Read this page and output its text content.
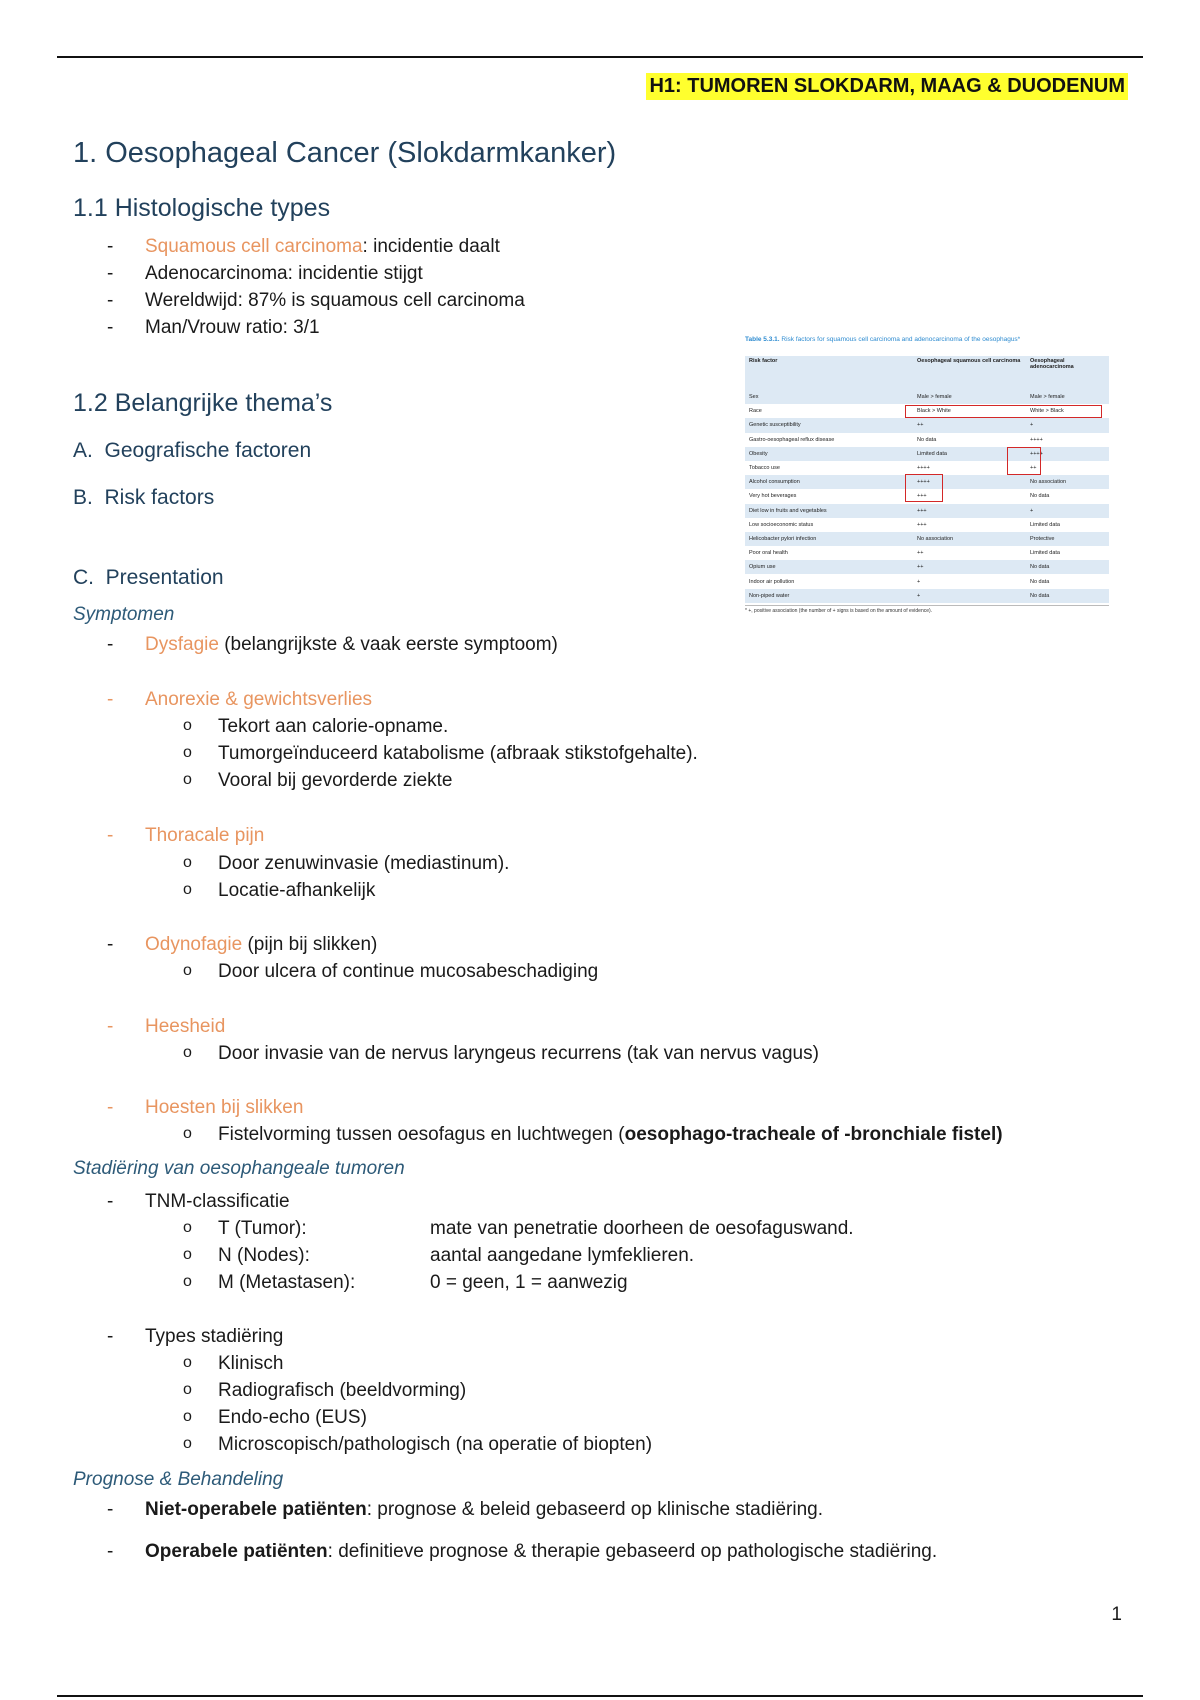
H1: TUMOREN SLOKDARM, MAAG & DUODENUM
1. Oesophageal Cancer (Slokdarmkanker)
1.1 Histologische types
-	Squamous cell carcinoma: incidentie daalt
-	Adenocarcinoma: incidentie stijgt
-	Wereldwijd: 87% is squamous cell carcinoma
-	Man/Vrouw ratio: 3/1
1.2 Belangrijke thema’s
A. Geografische factoren
B. Risk factors
C. Presentation
Symptomen
-	Dysfagie (belangrijkste & vaak eerste symptoom)
-	Anorexie & gewichtsverlies
o Tekort aan calorie-opname.
o Tumorgeïnduceerd katabolisme (afbraak stikstofgehalte).
o Vooral bij gevorderde ziekte
-	Thoracale pijn
o Door zenuwinvasie (mediastinum).
o Locatie-afhankelijk
-	Odynofagie (pijn bij slikken)
o Door ulcera of continue mucosabeschadiging
-	Heesheid
o Door invasie van de nervus laryngeus recurrens (tak van nervus vagus)
-	Hoesten bij slikken
o Fistelvorming tussen oesofagus en luchtwegen (oesophago-tracheale of -bronchiale fistel)
Stadiëring van oesophangeale tumoren
-	TNM-classificatie
o T (Tumor):	mate van penetratie doorheen de oesofaguswand.
o N (Nodes):	aantal aangedane lymfeklieren.
o M (Metastasen):	0 = geen, 1 = aanwezig
-	Types stadiëring
o Klinisch
o Radiografisch (beeldvorming)
o Endo-echo (EUS)
o Microscopisch/pathologisch (na operatie of biopten)
Prognose & Behandeling
-	Niet-operabele patiënten: prognose & beleid gebaseerd op klinische stadiëring.
-	Operabele patiënten: definitieve prognose & therapie gebaseerd op pathologische stadiëring.
Table 5.3.1. Risk factors for squamous cell carcinoma and adenocarcinoma of the oesophagus*
Risk factor	Oesophageal squamous cell carcinoma	Oesophageal adenocarcinoma
Sex	Male > female	Male > female
Race	Black > White	White > Black
Genetic susceptibility	++	+
Gastro-oesophageal reflux disease	No data	++++
Obesity	Limited data	++++
Tobacco use	++++	++
Alcohol consumption	++++	No association
Very hot beverages	+++	No data
Diet low in fruits and vegetables	+++	+
Low socioeconomic status	+++	Limited data
Helicobacter pylori infection	No association	Protective
Poor oral health	++	Limited data
Opium use	++	No data
Indoor air pollution	+	No data
Non-piped water	+	No data
* +, positive association (the number of + signs is based on the amount of evidence).
1
